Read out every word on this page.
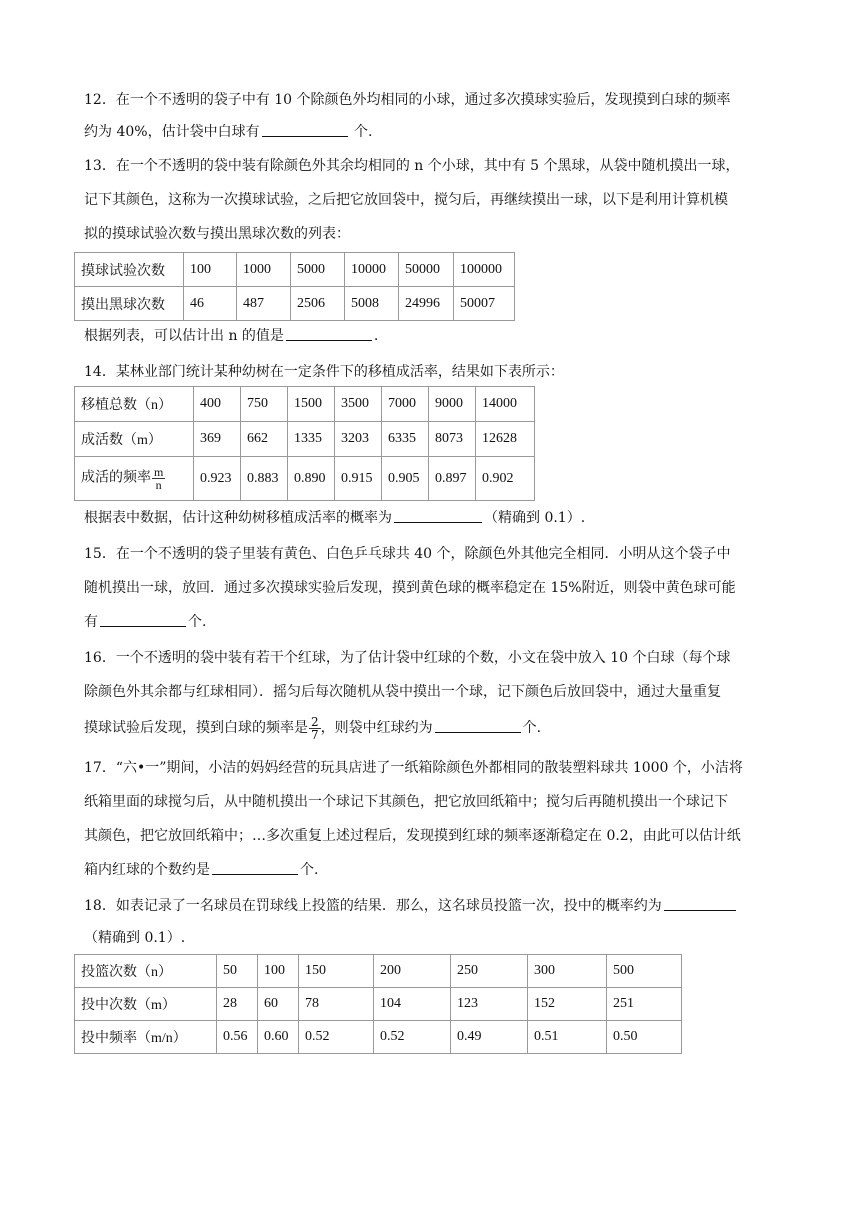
12．在一个不透明的袋子中有 10 个除颜色外均相同的小球，通过多次摸球实验后，发现摸到白球的频率

约为 40%，估计袋中白球有	个.

13．在一个不透明的袋中装有除颜色外其余均相同的 n 个小球，其中有 5 个黑球，从袋中随机摸出一球，

记下其颜色，这称为一次摸球试验，之后把它放回袋中，搅匀后，再继续摸出一球，以下是利用计算机模

拟的摸球试验次数与摸出黑球次数的列表：

摸球试验次数	100	1000	5000	10000	50000	100000
摸出黑球次数	46	487	2506	5008	24996	50007

根据列表，可以估计出 n 的值是	.

14．某林业部门统计某种幼树在一定条件下的移植成活率，结果如下表所示：

移植总数（n）	400	750	1500	3500	7000	9000	14000
成活数（m）	369	662	1335	3203	6335	8073	12628
成活的频率 $\frac{m}{n}$	0.923	0.883	0.890	0.915	0.905	0.897	0.902

根据表中数据，估计这种幼树移植成活率的概率为	（精确到 0.1）.

15．在一个不透明的袋子里装有黄色、白色乒乓球共 40 个，除颜色外其他完全相同．小明从这个袋子中

随机摸出一球，放回．通过多次摸球实验后发现，摸到黄色球的概率稳定在 15%附近，则袋中黄色球可能

有	个.

16．一个不透明的袋中装有若干个红球，为了估计袋中红球的个数，小文在袋中放入 10 个白球（每个球

除颜色外其余都与红球相同）．摇匀后每次随机从袋中摸出一个球，记下颜色后放回袋中，通过大量重复

摸球试验后发现，摸到白球的频率是 $\frac{2}{7}$ ，则袋中红球约为	个.

17．“六•一”期间，小洁的妈妈经营的玩具店进了一纸箱除颜色外都相同的散装塑料球共 1000 个，小洁将

纸箱里面的球搅匀后，从中随机摸出一个球记下其颜色，把它放回纸箱中；搅匀后再随机摸出一个球记下

其颜色，把它放回纸箱中；…多次重复上述过程后，发现摸到红球的频率逐渐稳定在 0.2，由此可以估计纸

箱内红球的个数约是	个.

18．如表记录了一名球员在罚球线上投篮的结果．那么，这名球员投篮一次，投中的概率约为

（精确到 0.1）.

投篮次数（n）	50	100	150	200	250	300	500
投中次数（m）	28	60	78	104	123	152	251
投中频率（m/n）	0.56	0.60	0.52	0.52	0.49	0.51	0.50
